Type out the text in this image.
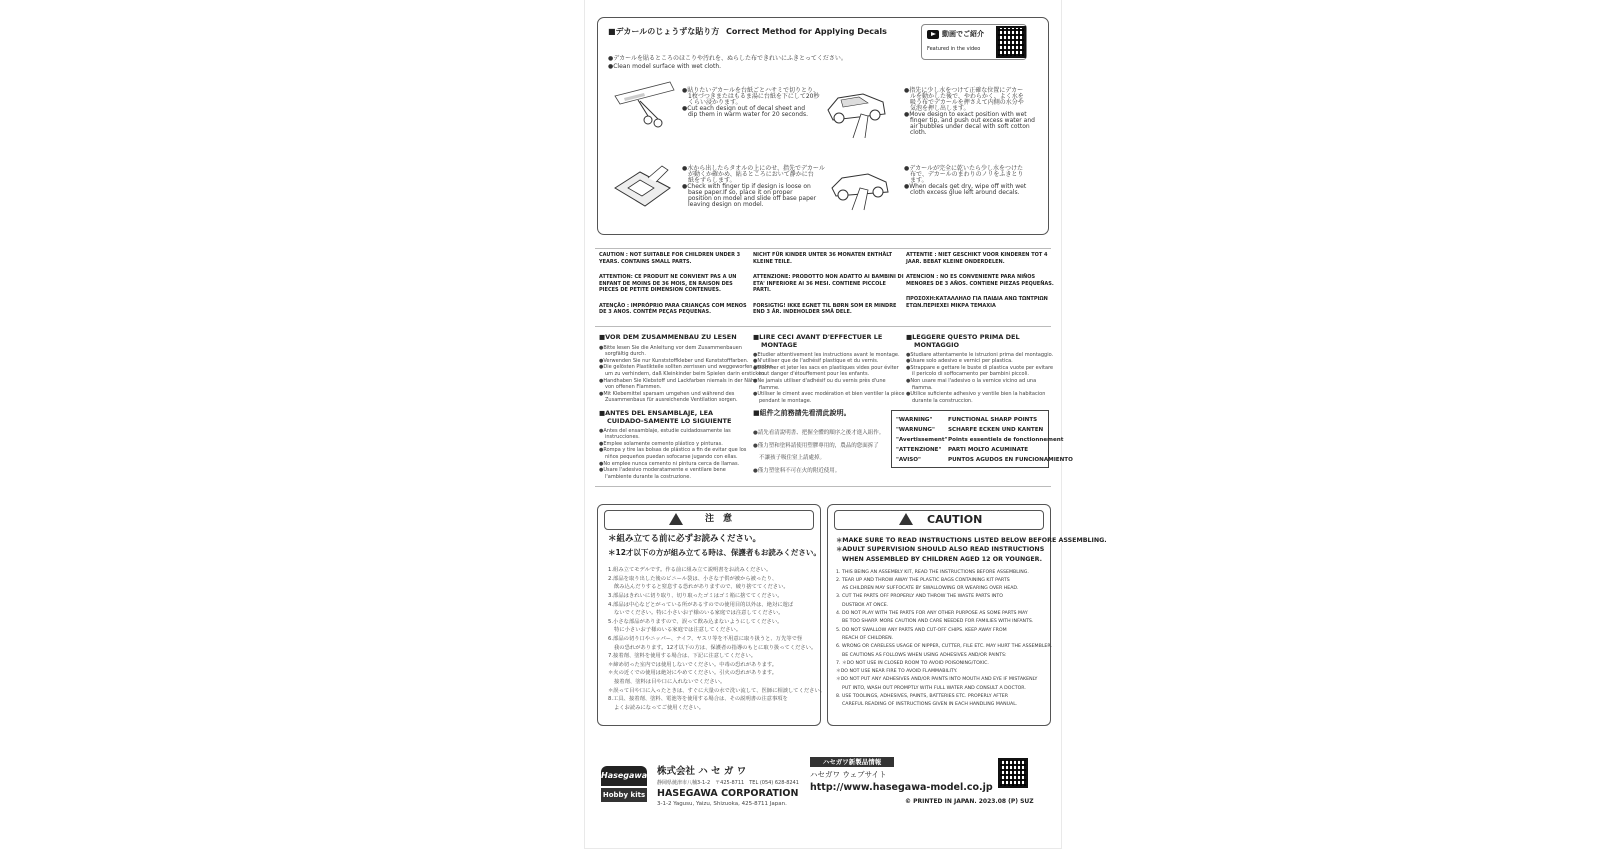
■デカールのじょうずな貼り方 Correct Method for Applying Decals	動画でご紹介
Featured in the video
●デカールを貼るところのほこりや汚れを、ぬらした布できれいにふきとってください。
●Clean model surface with wet cloth.
●貼りたいデカールを台紙ごとハサミで切りとり、
1枚づつきまたはもるま湯に台紙を下にして20秒
くらい浸かります。
●Cut each design out of decal sheet and
dip them in warm water for 20 seconds.
●指先に少し水をつけて正確な位置にデカー
ルを動かした後で、やわらかく、よく水を
吸う布でデカールを押さえて内側の水分や
気泡を押し出します。
●Move design to exact position with wet
finger tip, and push out excess water and
air bubbles under decal with soft cotton
cloth.
●水から出したらタオルの上にのせ、指先でデカール
が動くか確かめ、貼るところにおいて静かに台
紙をずらします。
●Check with finger tip if design is loose on
base paper.If so, place it on proper
position on model and slide off base paper
leaving design on model.
●デカールが完全に乾いたら少し水をつけた
布で、デカールのまわりのノリをふきとり
ます。
●When decals get dry, wipe off with wet
cloth excess glue left around decals.
CAUTION : NOT SUITABLE FOR CHILDREN UNDER 3
YEARS. CONTAINS SMALL PARTS.
ATTENTION: CE PRODUIT NE CONVIENT PAS A UN
ENFANT DE MOINS DE 36 MOIS, EN RAISON DES
PIECES DE PETITE DIMENSION CONTENUES.
ATENÇÃO : IMPRÓPRIO PARA CRIANÇAS COM MENOS
DE 3 ANOS. CONTÉM PEÇAS PEQUENAS.
NICHT FÜR KINDER UNTER 36 MONATEN ENTHÄLT
KLEINE TEILE.
ATTENZIONE: PRODOTTO NON ADATTO AI BAMBINI DI
ETA' INFERIORE AI 36 MESI. CONTIENE PICCOLE
PARTI.
FORSIGTIG! IKKE EGNET TIL BØRN SOM ER MINDRE
END 3 ÅR. INDEHOLDER SMÅ DELE.
ATTENTIE : NIET GESCHIKT VOOR KINDEREN TOT 4
JAAR. BEBAT KLEINE ONDERDELEN.
ATENCION : NO ES CONVENIENTE PARA NIÑOS
MENORES DE 3 AÑOS. CONTIENE PIEZAS PEQUEÑAS.
ΠΡΟΣΟΧΗ:ΚΑΤΑΛΛΗΛΟ ΓΙΑ ΠΑΙΔΙΑ ΑΝΩ ΤΩΝΤΡΙΩΝ
ΕΤΩΝ.ΠΕΡΙΕΧΕΙ ΜΙΚΡΑ ΤΕΜΑΧΙΑ
■VOR DEM ZUSAMMENBAU ZU LESEN
●Bitte lesen Sie die Anleitung vor dem Zusammenbauen
sorgfältig durch.
●Verwenden Sie nur Kunststoffkleber und Kunststofffarben.
●Die gelösten Plastikteile sollten zerrissen und weggeworfen werden,
um zu verhindern, daß Kleinkinder beim Spielen darin ersticken.
●Handhaben Sie Klebstoff und Lackfarben niemals in der Nähe
von offenen Flammen.
●Mit Klebemittel sparsam umgehen und während des
Zusammenbaus für ausreichende Ventilation sorgen.
■LIRE CECI AVANT D'EFFECTUER LE
MONTAGE
●Etudier attentivement les instructions avant le montage.
●N'utiliser que de l'adhésif plastique et du vernis.
●Déchirer et jeter les sacs en plastiques vides pour éviter
tout danger d'étouffement pour les enfants.
●Ne jamais utiliser d'adhésif ou du vernis près d'une
flamme.
●Utiliser le ciment avec modération et bien ventiler la pièce
pendant le montage.
■LEGGERE QUESTO PRIMA DEL
MONTAGGIO
●Studiare attentamente le istruzioni prima del montaggio.
●Usare solo adesivo e vernici per plastica.
●Strappare e gettare le buste di plastica vuote per evitare
il pericolo di soffocamento per bambini piccoli.
●Non usare mai l'adesivo o la vernice vicino ad una
fiamma.
●Utilice suficiente adhesivo y ventile bien la habitacion
durante la construccion.
■ANTES DEL ENSAMBLAJE, LEA
CUIDADO-SAMENTE LO SIGUIENTE
●Antes del ensamblaje, estudie cuidadosamente las
instrucciones.
●Emplee solamente cemento plástico y pinturas.
●Rompa y tire las bolsas de plástico a fin de evitar que los
niños pequeños puedan sofocarse jugando con ellas.
●No emplee nunca cemento ni pintura cerca de llamas.
●Usare l'adesivo moderatamente e ventilare bene
l'ambiente durante la costruzione.
■組件之前務請先看清此說明。
●請先看清說明書、把握全體的順序之後才進入組作。
●僅力塑和塗料請使用塑膠專用的，農品的您面拆了
不讓孩子吸住窒上請處掉。
●僅力塑塗料不可在火的附近使用。
"WARNING"	FUNCTIONAL SHARP POINTS
"WARNUNG" SCHARFE ECKEN UND KANTEN
"Avertissement"Points essentiels de fonctionnement
"ATTENZIONE" PARTI MOLTO ACUMINATE
"AVISO"	PUNTOS AGUDOS EN FUNCIONAMIENTO
注　意
＊組み立てる前に必ずお読みください。
＊12才以下の方が組み立てる時は、保護者もお読みください。
1.組み立てモデルです。作る前に組み立て説明書をお読みください。
2.部品を取り出した後のビニール袋は、小さな子供が被から被ったり、
飲み込んだりすると窒息する恐れがありますので、破り捨ててください。
3.部品はきれいに切り取り、切り取ったゴミはゴミ箱に捨ててください。
4.部品は中心などとがっている所があるすのでの使用目的以外は、絶対に遊ば
ないでください。特に小さいお子様のいる家庭では注意してください。
5.小さな部品がありますので、誤って飲み込まないようにしてください。
特に小さいお子様のいる家庭では注意してください。
6.部品の切り口やニッパー、ナイフ、ヤスリ等を不用意に取り扱うと、万先等で怪
我の恐れがあります。12才以下の方は、保護者の指導のもとに取り扱ってください。
7.接着剤、塗料を使用する場合は、下記に注意してください。
＊締め切った室内では使用しないでください。中毒の恐れがあります。
＊火の近くでの使用は絶対にやめてください。引火の恐れがあります。
接着剤、塗料は目や口に入れないでください。
＊誤って目や口に入ったときは、すぐに大量の水で洗い流して、医師に相談してください。
8.工具、接着剤、塗料、電池等を使用する場合は、その説明書の注意事項を
よくお読みになってご使用ください。
CAUTION
＊MAKE SURE TO READ INSTRUCTIONS LISTED BELOW BEFORE ASSEMBLING.
＊ADULT SUPERVISION SHOULD ALSO READ INSTRUCTIONS
WHEN ASSEMBLED BY CHILDREN AGED 12 OR YOUNGER.
1. THIS BEING AN ASSEMBLY KIT, READ THE INSTRUCTIONS BEFORE ASSEMBLING.
2. TEAR UP AND THROW AWAY THE PLASTIC BAGS CONTAINING KIT PARTS
AS CHILDREN MAY SUFFOCATE BY SWALLOWING OR WEARING OVER HEAD.
3. CUT THE PARTS OFF PROPERLY AND THROW THE WASTE PARTS INTO
DUSTBOX AT ONCE.
4. DO NOT PLAY WITH THE PARTS FOR ANY OTHER PURPOSE AS SOME PARTS MAY
BE TOO SHARP. MORE CAUTION AND CARE NEEDED FOR FAMILIES WITH INFANTS.
5. DO NOT SWALLOW ANY PARTS AND CUT-OFF CHIPS. KEEP AWAY FROM
REACH OF CHILDREN.
6. WRONG OR CARELESS USAGE OF NIPPER, CUTTER, FILE ETC. MAY HURT THE ASSEMBLER.
BE CAUTIONS AS FOLLOWS WHEN USING ADHESIVES AND/OR PAINTS:
7. ＊DO NOT USE IN CLOSED ROOM TO AVOID POISONING/TOXIC.
＊DO NOT USE NEAR FIRE TO AVOID FLAMMABILITY.
＊DO NOT PUT ANY ADHESIVES AND/OR PAINTS INTO MOUTH AND EYE IF MISTAKENLY
PUT INTO, WASH OUT PROMPTLY WITH FULL WATER AND CONSULT A DOCTOR.
8. USE TOOLINGS, ADHESIVES, PAINTS, BATTERIES ETC. PROPERLY AFTER
CAREFUL READING OF INSTRUCTIONS GIVEN IN EACH HANDLING MANUAL.
Hasegawa
Hobby kits
株式会社 ハ セ ガ ワ
静岡県焼津市八楠3-1-2　〒425-8711　TEL (054) 628-8241
HASEGAWA CORPORATION
3-1-2 Yagusu, Yaizu, Shizuoka, 425-8711 Japan.
ハセガワ新製品情報
ハセガワ ウェブサイト
http://www.hasegawa-model.co.jp
© PRINTED IN JAPAN. 2023.08 (P) SUZ
